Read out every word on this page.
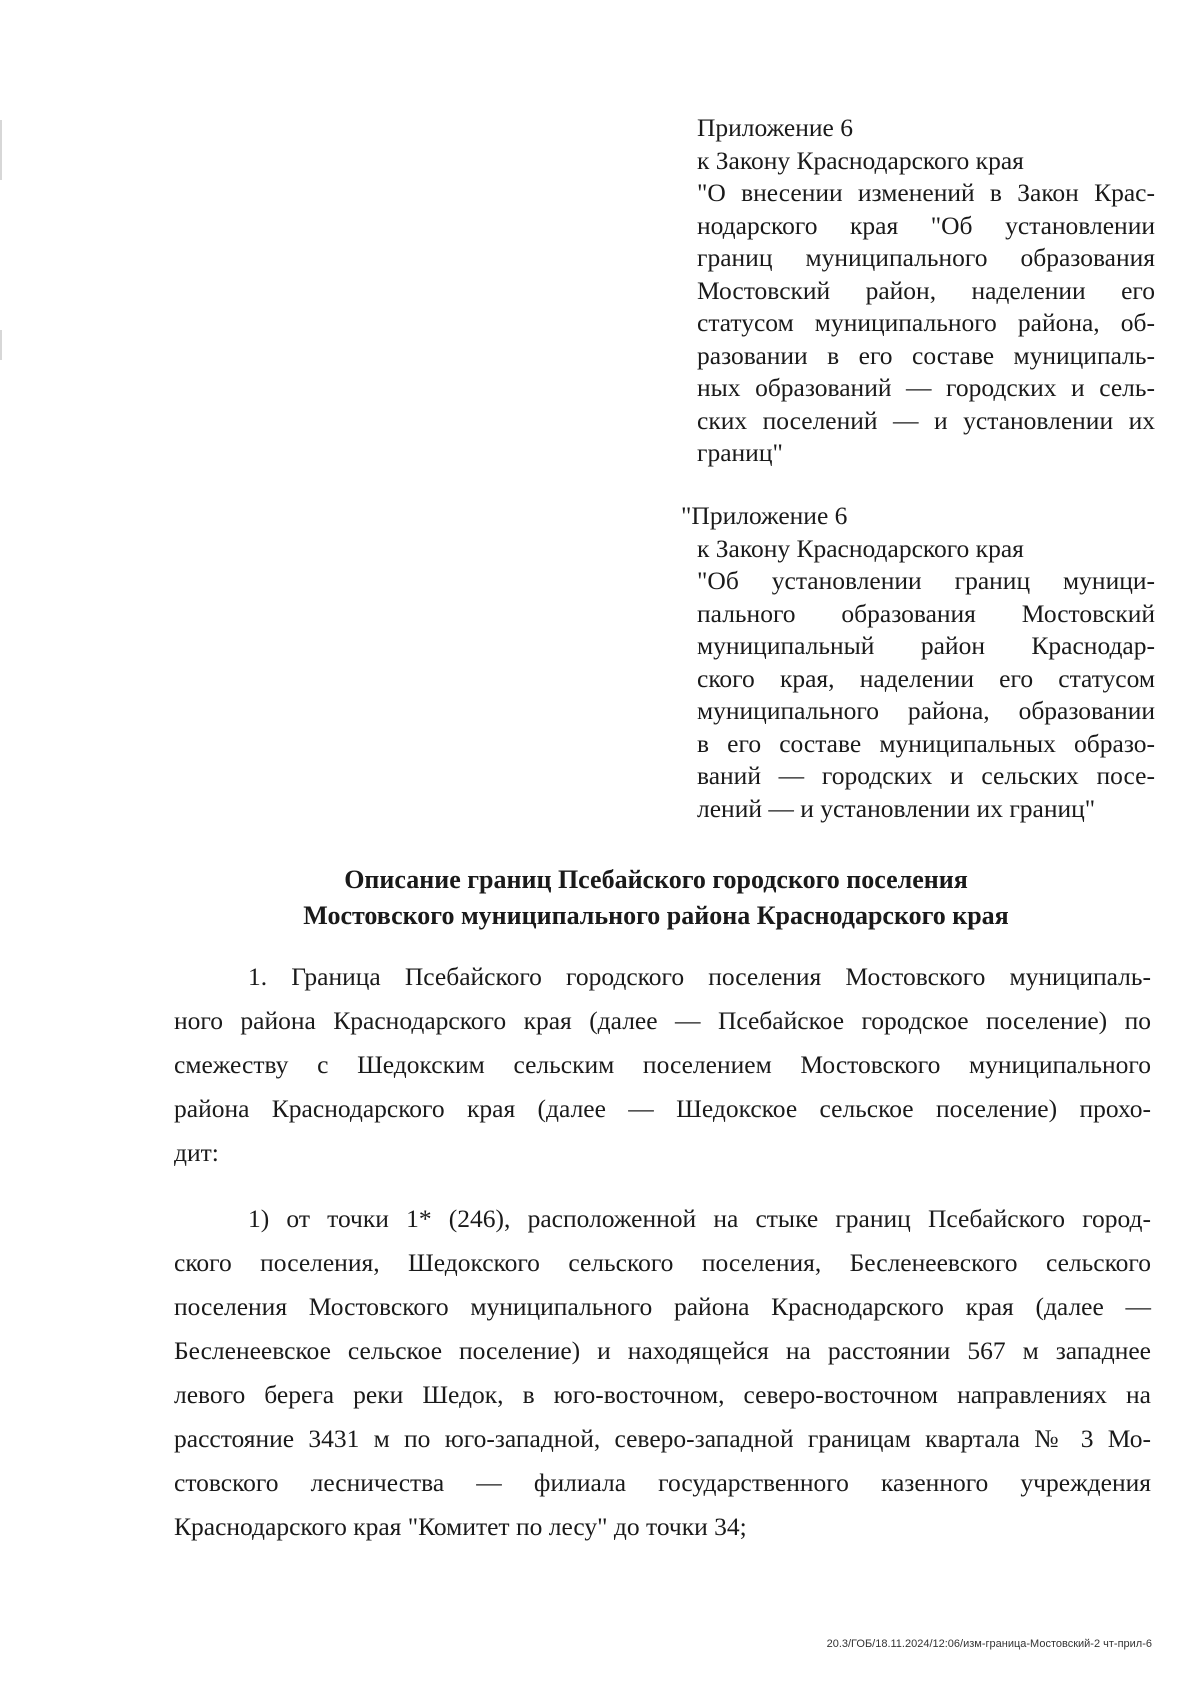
Приложение 6
к Закону Краснодарского края
"О внесении изменений в Закон Крас-
нодарского края "Об установлении
границ муниципального образования
Мостовский район, наделении его
статусом муниципального района, об-
разовании в его составе муниципаль-
ных образований — городских и сель-
ских поселений — и установлении их
границ"
"Приложение 6
к Закону Краснодарского края
"Об установлении границ муници-
пального образования Мостовский
муниципальный район Краснодар-
ского края, наделении его статусом
муниципального района, образовании
в его составе муниципальных образо-
ваний — городских и сельских посе-
лений — и установлении их границ"
Описание границ Псебайского городского поселения
Мостовского муниципального района Краснодарского края
1. Граница Псебайского городского поселения Мостовского муниципаль-
ного района Краснодарского края (далее — Псебайское городское поселение) по
смежеству с Шедокским сельским поселением Мостовского муниципального
района Краснодарского края (далее — Шедокское сельское поселение) прохо-
дит:
1) от точки 1* (246), расположенной на стыке границ Псебайского город-
ского поселения, Шедокского сельского поселения, Бесленеевского сельского
поселения Мостовского муниципального района Краснодарского края (далее —
Бесленеевское сельское поселение) и находящейся на расстоянии 567 м западнее
левого берега реки Шедок, в юго-восточном, северо-восточном направлениях на
расстояние 3431 м по юго-западной, северо-западной границам квартала № 3 Мо-
стовского лесничества — филиала государственного казенного учреждения
Краснодарского края "Комитет по лесу" до точки 34;
20.3/ГОБ/18.11.2024/12:06/изм-граница-Мостовский-2 чт-прил-6
